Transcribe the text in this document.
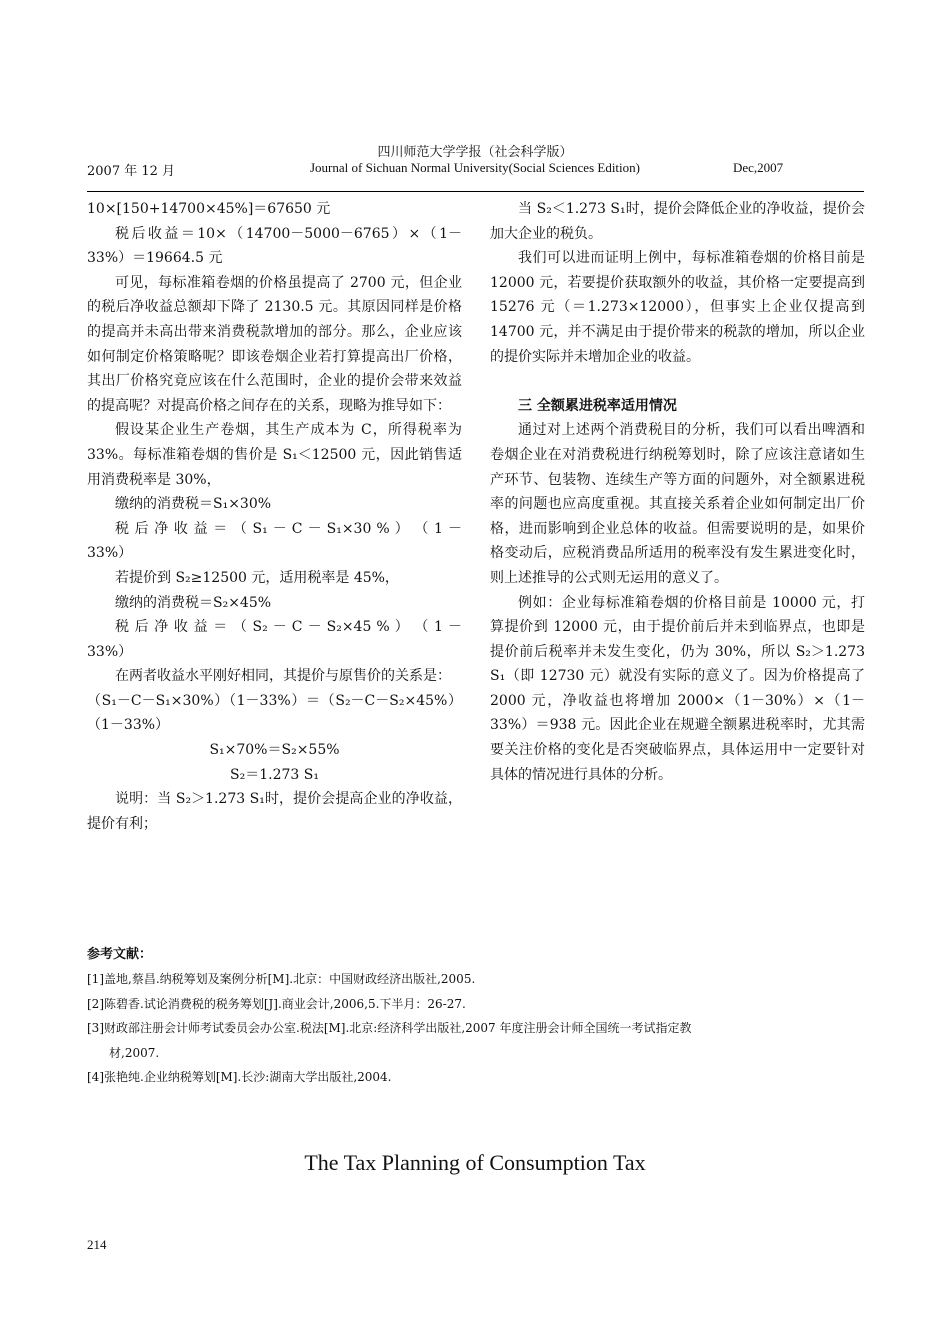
四川师范大学学报（社会科学版）
2007 年 12 月	Journal of Sichuan Normal University(Social Sciences Edition)	Dec,2007

10×[150+14700×45%]＝67650 元

税后收益＝10×（14700－5000－6765）×（1－33%）＝19664.5 元

可见，每标准箱卷烟的价格虽提高了 2700 元，但企业的税后净收益总额却下降了 2130.5 元。其原因同样是价格的提高并未高出带来消费税款增加的部分。那么，企业应该如何制定价格策略呢？即该卷烟企业若打算提高出厂价格，其出厂价格究竟应该在什么范围时，企业的提价会带来效益的提高呢？对提高价格之间存在的关系，现略为推导如下：

假设某企业生产卷烟，其生产成本为 C，所得税率为 33%。每标准箱卷烟的售价是 S₁＜12500 元，因此销售适用消费税率是 30%，

缴纳的消费税＝S₁×30%

税 后 净 收 益 ＝ （ S₁ － C － S₁×30 % ） （ 1 － 33%）

若提价到 S₂≥12500 元，适用税率是 45%，

缴纳的消费税＝S₂×45%

税 后 净 收 益 ＝ （ S₂ － C － S₂×45 % ） （ 1 － 33%）

在两者收益水平刚好相同，其提价与原售价的关系是：

（S₁－C－S₁×30%）（1－33%）＝（S₂－C－S₂×45%）（1－33%）

S₁×70%＝S₂×55%

S₂＝1.273 S₁

说明：当 S₂＞1.273 S₁时，提价会提高企业的净收益，提价有利；

当 S₂＜1.273 S₁时，提价会降低企业的净收益，提价会加大企业的税负。

我们可以进而证明上例中，每标准箱卷烟的价格目前是 12000 元，若要提价获取额外的收益，其价格一定要提高到 15276 元（＝1.273×12000），但事实上企业仅提高到 14700 元，并不满足由于提价带来的税款的增加，所以企业的提价实际并未增加企业的收益。

三 全额累进税率适用情况

通过对上述两个消费税目的分析，我们可以看出啤酒和卷烟企业在对消费税进行纳税筹划时，除了应该注意诸如生产环节、包装物、连续生产等方面的问题外，对全额累进税率的问题也应高度重视。其直接关系着企业如何制定出厂价格，进而影响到企业总体的收益。但需要说明的是，如果价格变动后，应税消费品所适用的税率没有发生累进变化时，则上述推导的公式则无运用的意义了。

例如：企业每标准箱卷烟的价格目前是 10000 元，打算提价到 12000 元，由于提价前后并未到临界点，也即是提价前后税率并未发生变化，仍为 30%，所以 S₂＞1.273 S₁（即 12730 元）就没有实际的意义了。因为价格提高了 2000 元，净收益也将增加 2000×（1－30%）×（1－33%）＝938 元。因此企业在规避全额累进税率时，尤其需要关注价格的变化是否突破临界点，具体运用中一定要针对具体的情况进行具体的分析。

参考文献：
[1]盖地,蔡昌.纳税筹划及案例分析[M].北京：中国财政经济出版社,2005.
[2]陈碧香.试论消费税的税务筹划[J].商业会计,2006,5.下半月：26-27.
[3]财政部注册会计师考试委员会办公室.税法[M].北京:经济科学出版社,2007 年度注册会计师全国统一考试指定教
材,2007.
[4]张艳纯.企业纳税筹划[M].长沙:湖南大学出版社,2004.
The Tax Planning of Consumption Tax
214
